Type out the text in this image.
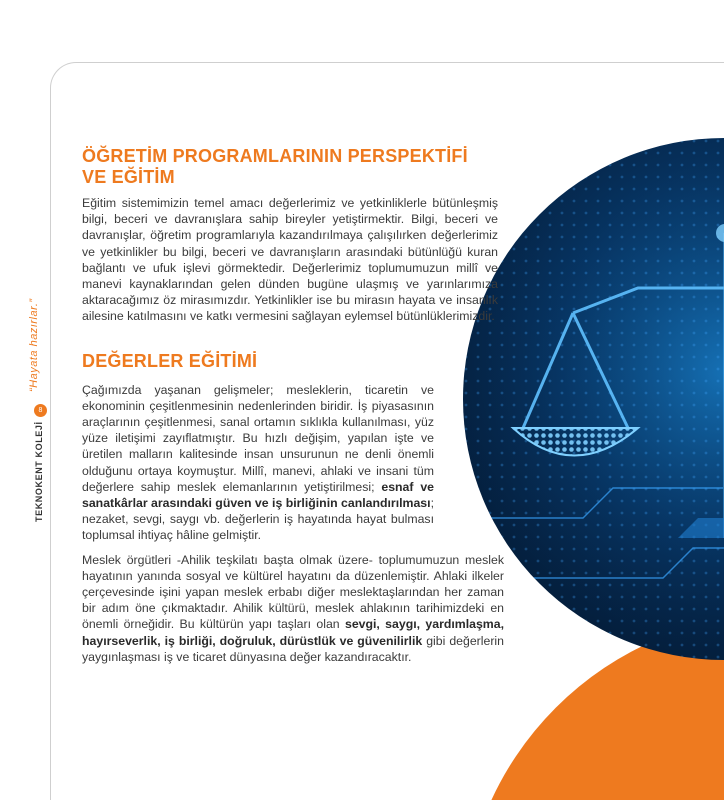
“Hayata hazırlar.”
8
TEKNOKENT KOLEJİ
ÖĞRETİM PROGRAMLARININ PERSPEKTİFİ VE EĞİTİM

Eğitim sistemimizin temel amacı değerlerimiz ve yetkinliklerle bütünleşmiş bilgi, beceri ve davranışlara sahip bireyler yetiştirmektir. Bilgi, beceri ve davranışlar, öğretim programlarıyla kazandırılmaya çalışılırken değerlerimiz ve yetkinlikler bu bilgi, beceri ve davranışların arasındaki bütünlüğü kuran bağlantı ve ufuk işlevi görmektedir. Değerlerimiz toplumumuzun millî ve manevi kaynaklarından gelen dünden bugüne ulaşmış ve yarınlarımıza aktaracağımız öz mirasımızdır. Yetkinlikler ise bu mirasın hayata ve insanlık ailesine katılmasını ve katkı vermesini sağlayan eylemsel bütünlüklerimizdir.

DEĞERLER EĞİTİMİ

Çağımızda yaşanan gelişmeler; mesleklerin, ticaretin ve ekonominin çeşitlenmesinin nedenlerinden biridir. İş piyasasının araçlarının çeşitlenmesi, sanal ortamın sıklıkla kullanılması, yüz yüze iletişimi zayıflatmıştır. Bu hızlı değişim, yapılan işte ve üretilen malların kalitesinde insan unsurunun ne denli önemli olduğunu ortaya koymuştur. Millî, manevi, ahlaki ve insani tüm değerlere sahip meslek elemanlarının yetiştirilmesi; esnaf ve sanatkârlar arasındaki güven ve iş birliğinin canlandırılması; nezaket, sevgi, saygı vb. değerlerin iş hayatında hayat bulması toplumsal ihtiyaç hâline gelmiştir.

Meslek örgütleri -Ahilik teşkilatı başta olmak üzere- toplumumuzun meslek hayatının yanında sosyal ve kültürel hayatını da düzenlemiştir. Ahlaki ilkeler çerçevesinde işini yapan meslek erbabı diğer meslektaşlarından her zaman bir adım öne çıkmaktadır. Ahilik kültürü, meslek ahlakının tarihimizdeki en önemli örneğidir. Bu kültürün yapı taşları olan sevgi, saygı, yardımlaşma, hayırseverlik, iş birliği, doğruluk, dürüstlük ve güvenilirlik gibi değerlerin yaygınlaşması iş ve ticaret dünyasına değer kazandıracaktır.
